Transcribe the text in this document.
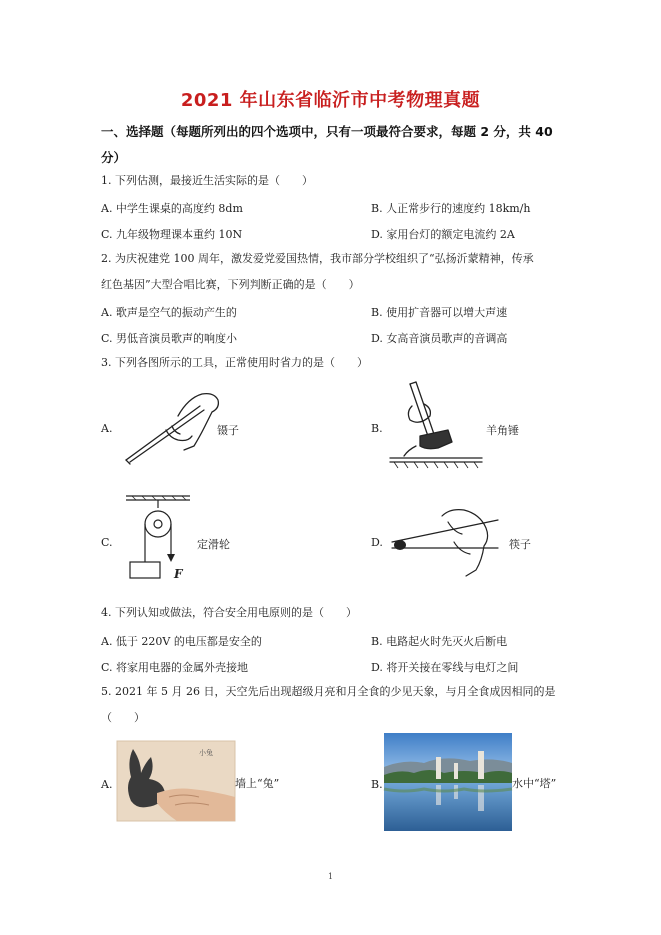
2021 年山东省临沂市中考物理真题
一、选择题（每题所列出的四个选项中，只有一项最符合要求，每题 2 分，共 40
分）
1. 下列估测，最接近生活实际的是（　　）
A. 中学生课桌的高度约 8dm	B. 人正常步行的速度约 18km/h
C. 九年级物理课本重约 10N	D. 家用台灯的额定电流约 2A
2. 为庆祝建党 100 周年，激发爱党爱国热情，我市部分学校组织了“弘扬沂蒙精神，传承
红色基因”大型合唱比赛，下列判断正确的是（　　）
A. 歌声是空气的振动产生的	B. 使用扩音器可以增大声速
C. 男低音演员歌声的响度小	D. 女高音演员歌声的音调高
3. 下列各图所示的工具，正常使用时省力的是（　　）
A.	镊子	B.	羊角锤
C.
F
定滑轮	D.	筷子
4. 下列认知或做法，符合安全用电原则的是（　　）
A. 低于 220V 的电压都是安全的	B. 电路起火时先灭火后断电
C. 将家用电器的金属外壳接地	D. 将开关接在零线与电灯之间
5. 2021 年 5 月 26 日，天空先后出现超级月亮和月全食的少见天象，与月全食成因相同的是
（　　）
A.
小兔
墙上“兔”	B.	水中“塔”
1
